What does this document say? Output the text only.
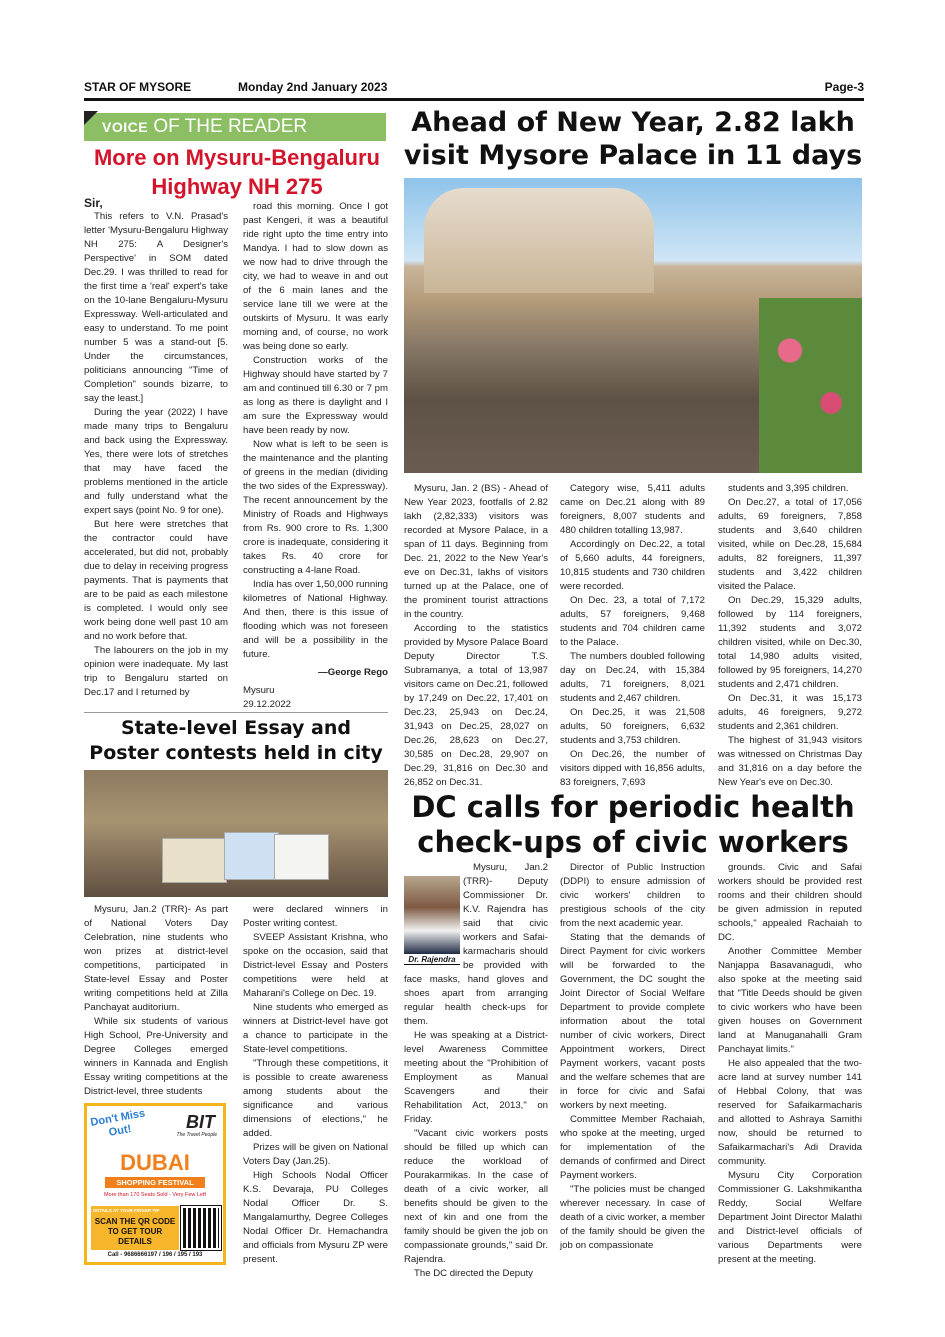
STAR OF MYSORE	Monday 2nd January 2023	Page-3
VOICE OF THE READER
More on Mysuru-Bengaluru Highway NH 275

Sir,

This refers to V.N. Prasad's letter 'Mysuru-Bengaluru Highway NH 275: A Designer's Perspective' in SOM dated Dec.29. I was thrilled to read for the first time a 'real' expert's take on the 10-lane Bengaluru-Mysuru Expressway. Well-articulated and easy to understand. To me point number 5 was a stand-out [5. Under the circumstances, politicians announcing "Time of Completion" sounds bizarre, to say the least.]

During the year (2022) I have made many trips to Bengaluru and back using the Expressway. Yes, there were lots of stretches that may have faced the problems mentioned in the article and fully understand what the expert says (point No. 9 for one).

But here were stretches that the contractor could have accelerated, but did not, probably due to delay in receiving progress payments. That is payments that are to be paid as each milestone is completed. I would only see work being done well past 10 am and no work before that.

The labourers on the job in my opinion were inadequate. My last trip to Bengaluru started on Dec.17 and I returned by

road this morning. Once I got past Kengeri, it was a beautiful ride right upto the time entry into Mandya. I had to slow down as we now had to drive through the city, we had to weave in and out of the 6 main lanes and the service lane till we were at the outskirts of Mysuru. It was early morning and, of course, no work was being done so early.

Construction works of the Highway should have started by 7 am and continued till 6.30 or 7 pm as long as there is daylight and I am sure the Expressway would have been ready by now.

Now what is left to be seen is the maintenance and the planting of greens in the median (dividing the two sides of the Expressway). The recent announcement by the Ministry of Roads and Highways from Rs. 900 crore to Rs. 1,300 crore is inadequate, considering it takes Rs. 40 crore for constructing a 4-lane Road.

India has over 1,50,000 running kilometres of National Highway. And then, there is this issue of flooding which was not foreseen and will be a possibility in the future.

—George Rego

Mysuru

29.12.2022

Ahead of New Year, 2.82 lakh visit Mysore Palace in 11 days

Mysuru, Jan. 2 (BS) - Ahead of New Year 2023, footfalls of 2.82 lakh (2,82,333) visitors was recorded at Mysore Palace, in a span of 11 days. Beginning from Dec. 21, 2022 to the New Year's eve on Dec.31, lakhs of visitors turned up at the Palace, one of the prominent tourist attractions in the country.

According to the statistics provided by Mysore Palace Board Deputy Director T.S. Subramanya, a total of 13,987 visitors came on Dec.21, followed by 17,249 on Dec.22, 17,401 on Dec.23, 25,943 on Dec.24, 31,943 on Dec.25, 28,027 on Dec.26, 28,623 on Dec.27, 30,585 on Dec.28, 29,907 on Dec.29, 31,816 on Dec.30 and 26,852 on Dec.31.

Category wise, 5,411 adults came on Dec.21 along with 89 foreigners, 8,007 students and 480 children totalling 13,987.

Accordingly on Dec.22, a total of 5,660 adults, 44 foreigners, 10,815 students and 730 children were recorded.

On Dec. 23, a total of 7,172 adults, 57 foreigners, 9,468 students and 704 children came to the Palace.

The numbers doubled following day on Dec.24, with 15,384 adults, 71 foreigners, 8,021 students and 2,467 children.

On Dec.25, it was 21,508 adults, 50 foreigners, 6,632 students and 3,753 children.

On Dec.26, the number of visitors dipped with 16,856 adults, 83 foreigners, 7,693

students and 3,395 children.

On Dec.27, a total of 17,056 adults, 69 foreigners, 7,858 students and 3,640 children visited, while on Dec.28, 15,684 adults, 82 foreigners, 11,397 students and 3,422 children visited the Palace.

On Dec.29, 15,329 adults, followed by 114 foreigners, 11,392 students and 3,072 children visited, while on Dec.30, total 14,980 adults visited, followed by 95 foreigners, 14,270 students and 2,471 children.

On Dec.31, it was 15,173 adults, 46 foreigners, 9,272 students and 2,361 children.

The highest of 31,943 visitors was witnessed on Christmas Day and 31,816 on a day before the New Year's eve on Dec.30.

State-level Essay and Poster contests held in city

Mysuru, Jan.2 (TRR)- As part of National Voters Day Celebration, nine students who won prizes at district-level competitions, participated in State-level Essay and Poster writing competitions held at Zilla Panchayat auditorium.

While six students of various High School, Pre-University and Degree Colleges emerged winners in Kannada and English Essay writing competitions at the District-level, three students

were declared winners in Poster writing contest.

SVEEP Assistant Krishna, who spoke on the occasion, said that District-level Essay and Posters competitions were held at Maharani's College on Dec. 19.

Nine students who emerged as winners at District-level have got a chance to participate in the State-level competitions.

"Through these competitions, it is possible to create awareness among students about the significance and various dimensions of elections," he added.

Prizes will be given on National Voters Day (Jan.25).

High Schools Nodal Officer K.S. Devaraja, PU Colleges Nodal Officer Dr. S. Mangalamurthy, Degree Colleges Nodal Officer Dr. Hemachandra and officials from Mysuru ZP were present.

Don't Miss Out!	BIT
The Travel People
DUBAI
SHOPPING FESTIVAL
More than 170 Seats Sold - Very Few Left
DETAILS AT YOUR FINGER TIP
SCAN THE QR CODE TO GET TOUR DETAILS
Call - 9686666197 / 196 / 195 / 193
DC calls for periodic health check-ups of civic workers
Dr. Rajendra

Mysuru, Jan.2 (TRR)- Deputy Commissioner Dr. K.V. Rajendra has said that civic workers and Safai-karmacharis should be provided with face masks, hand gloves and shoes apart from arranging regular health check-ups for them.

He was speaking at a District-level Awareness Committee meeting about the "Prohibition of Employment as Manual Scavengers and their Rehabilitation Act, 2013," on Friday.

"Vacant civic workers posts should be filled up which can reduce the workload of Pourakarmikas. In the case of death of a civic worker, all benefits should be given to the next of kin and one from the family should be given the job on compassionate grounds," said Dr. Rajendra.

The DC directed the Deputy

Director of Public Instruction (DDPI) to ensure admission of civic workers' children to prestigious schools of the city from the next academic year.

Stating that the demands of Direct Payment for civic workers will be forwarded to the Government, the DC sought the Joint Director of Social Welfare Department to provide complete information about the total number of civic workers, Direct Appointment workers, Direct Payment workers, vacant posts and the welfare schemes that are in force for civic and Safai workers by next meeting.

Committee Member Rachaiah, who spoke at the meeting, urged for implementation of the demands of confirmed and Direct Payment workers.

"The policies must be changed wherever necessary. In case of death of a civic worker, a member of the family should be given the job on compassionate

grounds. Civic and Safai workers should be provided rest rooms and their children should be given admission in reputed schools," appealed Rachaiah to DC.

Another Committee Member Nanjappa Basavanagudi, who also spoke at the meeting said that "Title Deeds should be given to civic workers who have been given houses on Government land at Manuganahalli Gram Panchayat limits."

He also appealed that the two-acre land at survey number 141 of Hebbal Colony, that was reserved for Safaikarmacharis and allotted to Ashraya Samithi now, should be returned to Safaikarmachari's Adi Dravida community.

Mysuru City Corporation Commissioner G. Lakshmikantha Reddy, Social Welfare Department Joint Director Malathi and District-level officials of various Departments were present at the meeting.
